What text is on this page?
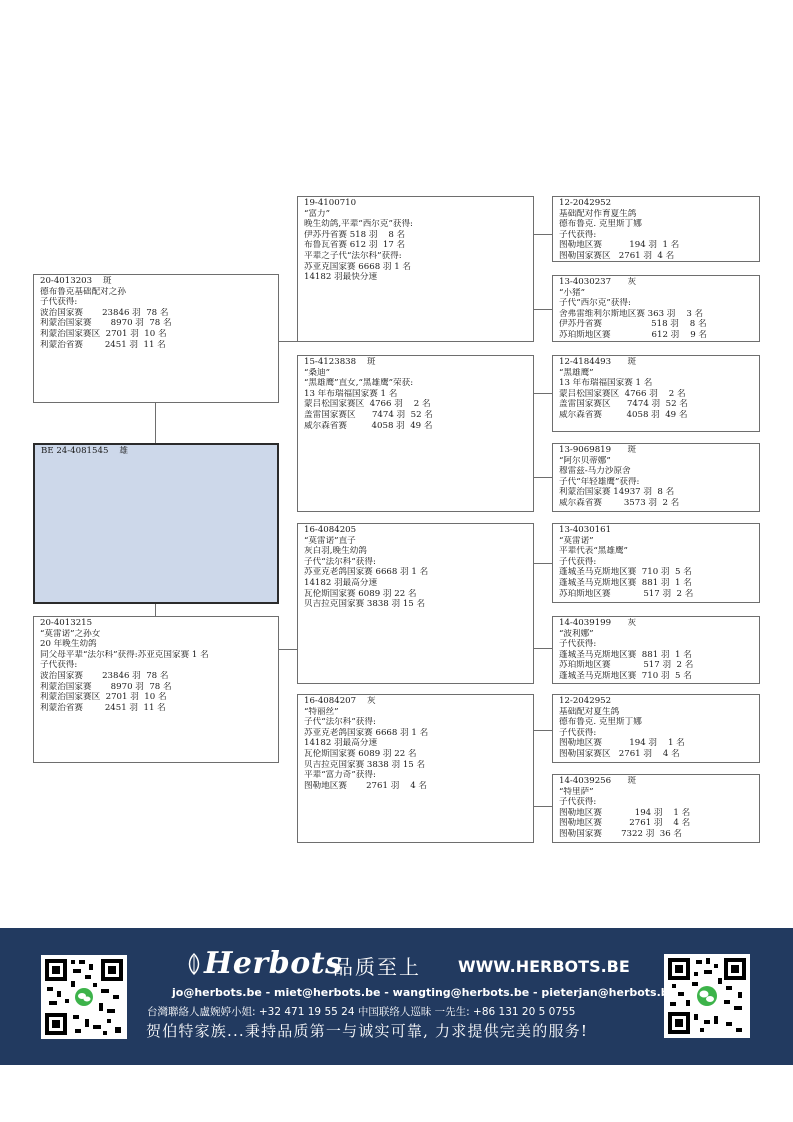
20-4013203    斑
德布鲁克基础配对之孙
子代获得:
波治国家赛       23846 羽  78 名
利蒙治国家赛       8970 羽  78 名
利蒙治国家赛区  2701 羽  10 名
利蒙治省赛        2451 羽  11 名
BE 24-4081545    雄
20-4013215
“莫雷诺”之孙女
20 年晚生幼鸽
同父母平辈“法尔科”获得:苏亚克国家赛 1 名
子代获得:
波治国家赛       23846 羽  78 名
利蒙治国家赛       8970 羽  78 名
利蒙治国家赛区  2701 羽  10 名
利蒙治省赛        2451 羽  11 名
19-4100710
“富力”
晚生幼鸽,平辈“西尔克”获得:
伊苏丹省赛 518 羽    8 名
布鲁瓦省赛 612 羽  17 名
平辈之子代“法尔科”获得:
苏亚克国家赛 6668 羽 1 名
14182 羽最快分速
15-4123838    斑
“桑迪”
“黑雄鹰”直女,“黑雄鹰”荣获:
13 年布瑞福国家赛 1 名
蒙吕松国家赛区  4766 羽    2 名
盖雷国家赛区      7474 羽  52 名
威尔森省赛         4058 羽  49 名
16-4084205
“莫雷诺”直子
灰白羽,晚生幼鸽
子代“法尔科”获得:
苏亚克老鸽国家赛 6668 羽 1 名
14182 羽最高分速
瓦伦斯国家赛 6089 羽 22 名
贝吉拉克国家赛 3838 羽 15 名
16-4084207    灰
“特丽丝”
子代“法尔科”获得:
苏亚克老鸽国家赛 6668 羽 1 名
14182 羽最高分速
瓦伦斯国家赛 6089 羽 22 名
贝吉拉克国家赛 3838 羽 15 名
平辈“富力奇”获得:
图勒地区赛       2761 羽    4 名
12-2042952
基础配对作育夏生鸽
德布鲁克. 克里斯丁娜
子代获得:
图勒地区赛          194 羽  1 名
图勒国家赛区   2761 羽  4 名
13-4030237      灰
“小猪”
子代“西尔克”获得:
舍弗雷维利尔斯地区赛 363 羽    3 名
伊苏丹省赛                  518 羽    8 名
苏珀斯地区赛               612 羽    9 名
12-4184493      斑
“黑雄鹰”
13 年布瑞福国家赛 1 名
蒙吕松国家赛区  4766 羽    2 名
盖雷国家赛区      7474 羽  52 名
威尔森省赛         4058 羽  49 名
13-9069819      斑
“阿尔贝蒂娜”
穆雷兹-马力沙原舍
子代“年轻雄鹰”获得:
利蒙治国家赛 14937 羽  8 名
威尔森省赛        3573 羽  2 名
13-4030161
“莫雷诺”
平辈代表“黑雄鹰”
子代获得:
蓬城圣马克斯地区赛  710 羽  5 名
蓬城圣马克斯地区赛  881 羽  1 名
苏珀斯地区赛            517 羽  2 名
14-4039199      灰
“波利娜”
子代获得:
蓬城圣马克斯地区赛  881 羽  1 名
苏珀斯地区赛            517 羽  2 名
蓬城圣马克斯地区赛  710 羽  5 名
12-2042952
基础配对夏生鸽
德布鲁克. 克里斯丁娜
子代获得:
图勒地区赛          194 羽    1 名
图勒国家赛区   2761 羽    4 名
14-4039256      斑
“特里萨”
子代获得:
图勒地区赛            194 羽    1 名
图勒地区赛          2761 羽    4 名
图勒国家赛       7322 羽  36 名
Herbots
品质至上 WWW.HERBOTS.BE
jo@herbots.be - miet@herbots.be - wangting@herbots.be - pieterjan@herbots.be
台灣聯絡人盧婉婷小姐: +32 471 19 55 24 中国联络人巡昧 一先生: +86 131 20 5 0755
贺伯特家族...秉持品质第一与诚实可靠, 力求提供完美的服务!
